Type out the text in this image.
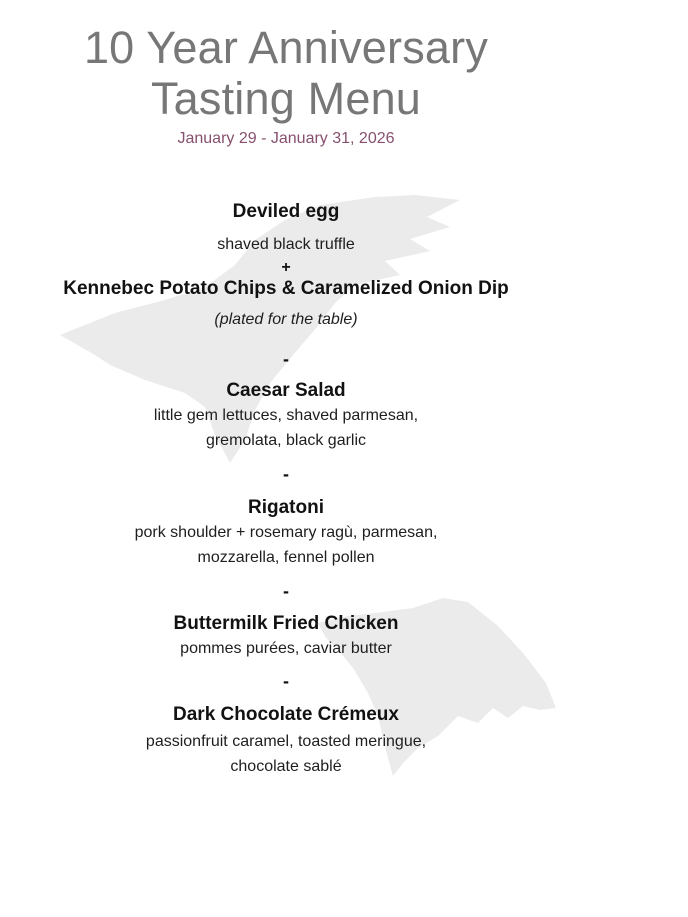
10 Year Anniversary
Tasting Menu
January 29 - January 31, 2026
Deviled egg
shaved black truffle
+
Kennebec Potato Chips & Caramelized Onion Dip
(plated for the table)
-
Caesar Salad
little gem lettuces, shaved parmesan,
gremolata, black garlic
-
Rigatoni
pork shoulder + rosemary ragù, parmesan,
mozzarella, fennel pollen
-
Buttermilk Fried Chicken
pommes purées, caviar butter
-
Dark Chocolate Crémeux
passionfruit caramel, toasted meringue,
chocolate sablé
